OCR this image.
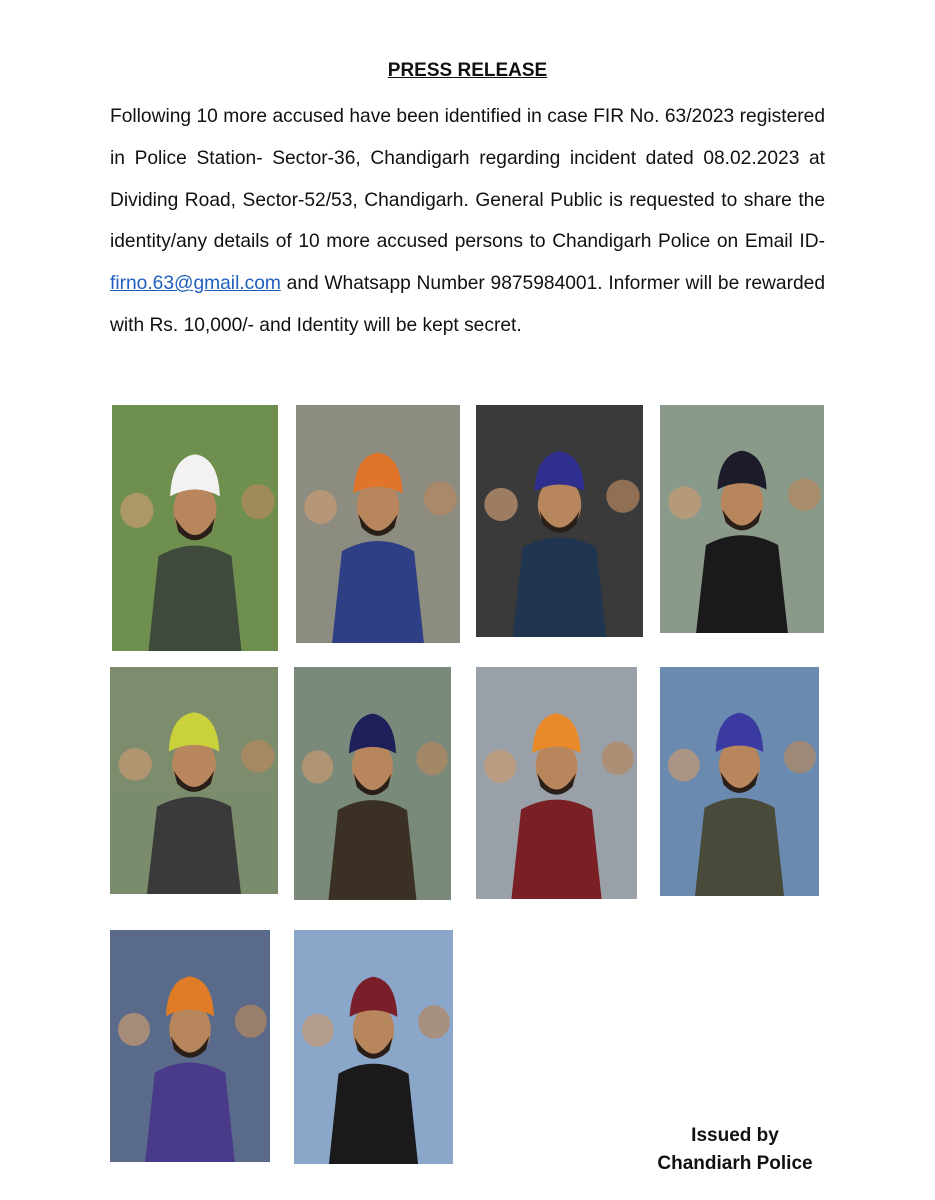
PRESS RELEASE

Following 10 more accused have been identified in case FIR No. 63/2023 registered in Police Station- Sector-36, Chandigarh regarding incident dated 08.02.2023 at Dividing Road, Sector-52/53, Chandigarh. General Public is requested to share the identity/any details of 10 more accused persons to Chandigarh Police on Email ID- firno.63@gmail.com and Whatsapp Number 9875984001. Informer will be rewarded with Rs. 10,000/- and Identity will be kept secret.

Issued by
Chandiarh Police
